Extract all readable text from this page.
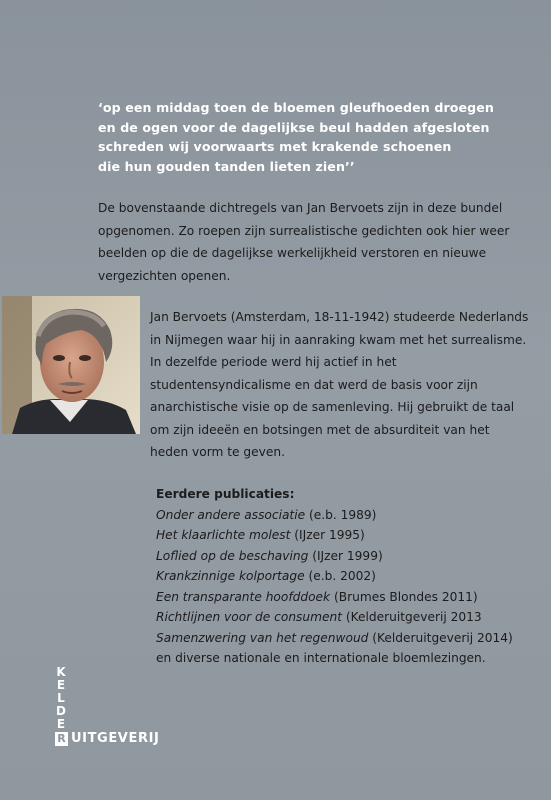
‘op een middag toen de bloemen gleufhoeden droegen
en de ogen voor de dagelijkse beul hadden afgesloten
schreden wij voorwaarts met krakende schoenen
die hun gouden tanden lieten zien’’
De bovenstaande dichtregels van Jan Bervoets zijn in deze bundel opgenomen. Zo roepen zijn surrealistische gedichten ook hier weer beelden op die de dagelijkse werkelijkheid verstoren en nieuwe vergezichten openen.
Jan Bervoets (Amsterdam, 18-11-1942) studeerde Nederlands in Nijmegen waar hij in aanraking kwam met het surrealisme. In dezelfde periode werd hij actief in het studentensyndicalisme en dat werd de basis voor zijn anarchistische visie op de samenleving. Hij gebruikt de taal om zijn ideeën en botsingen met de absurditeit van het heden vorm te geven.
Eerdere publicaties:
Onder andere associatie (e.b. 1989)
Het klaarlichte molest (IJzer 1995)
Loflied op de beschaving (IJzer 1999)
Krankzinnige kolportage (e.b. 2002)
Een transparante hoofddoek (Brumes Blondes 2011)
Richtlijnen voor de consument (Kelderuitgeverij 2013
Samenzwering van het regenwoud (Kelderuitgeverij 2014)
en diverse nationale en internationale bloemlezingen.
K
E
L
D
E
R UITGEVERIJ
